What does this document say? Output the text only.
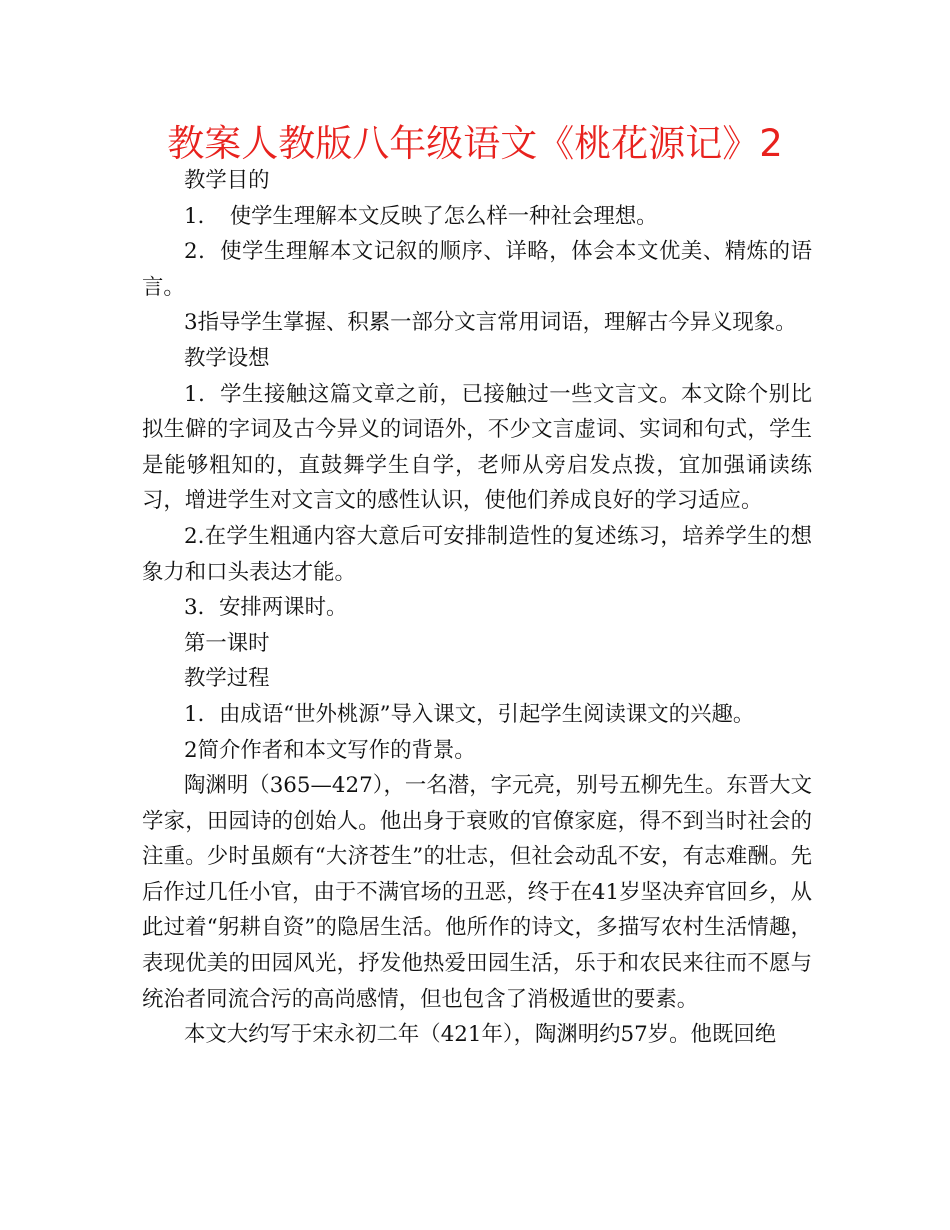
教案人教版八年级语文《桃花源记》2

教学目的

1．　使学生理解本文反映了怎么样一种社会理想。

2．使学生理解本文记叙的顺序、详略，体会本文优美、精炼的语言。

3指导学生掌握、积累一部分文言常用词语，理解古今异义现象。

教学设想

1．学生接触这篇文章之前，已接触过一些文言文。本文除个别比拟生僻的字词及古今异义的词语外，不少文言虚词、实词和句式，学生是能够粗知的，直鼓舞学生自学，老师从旁启发点拨，宜加强诵读练习，增进学生对文言文的感性认识，使他们养成良好的学习适应。

2.在学生粗通内容大意后可安排制造性的复述练习，培养学生的想象力和口头表达才能。

3．安排两课时。

第一课时

教学过程

1．由成语“世外桃源”导入课文，引起学生阅读课文的兴趣。

2简介作者和本文写作的背景。

陶渊明（365—427），一名潜，字元亮，别号五柳先生。东晋大文学家，田园诗的创始人。他出身于衰败的官僚家庭，得不到当时社会的注重。少时虽颇有“大济苍生”的壮志，但社会动乱不安，有志难酬。先后作过几任小官，由于不满官场的丑恶，终于在41岁坚决弃官回乡，从此过着“躬耕自资”的隐居生活。他所作的诗文，多描写农村生活情趣，表现优美的田园风光，抒发他热爱田园生活，乐于和农民来往而不愿与统治者同流合污的高尚感情，但也包含了消极遁世的要素。

本文大约写于宋永初二年（421年），陶渊明约57岁。他既回绝
